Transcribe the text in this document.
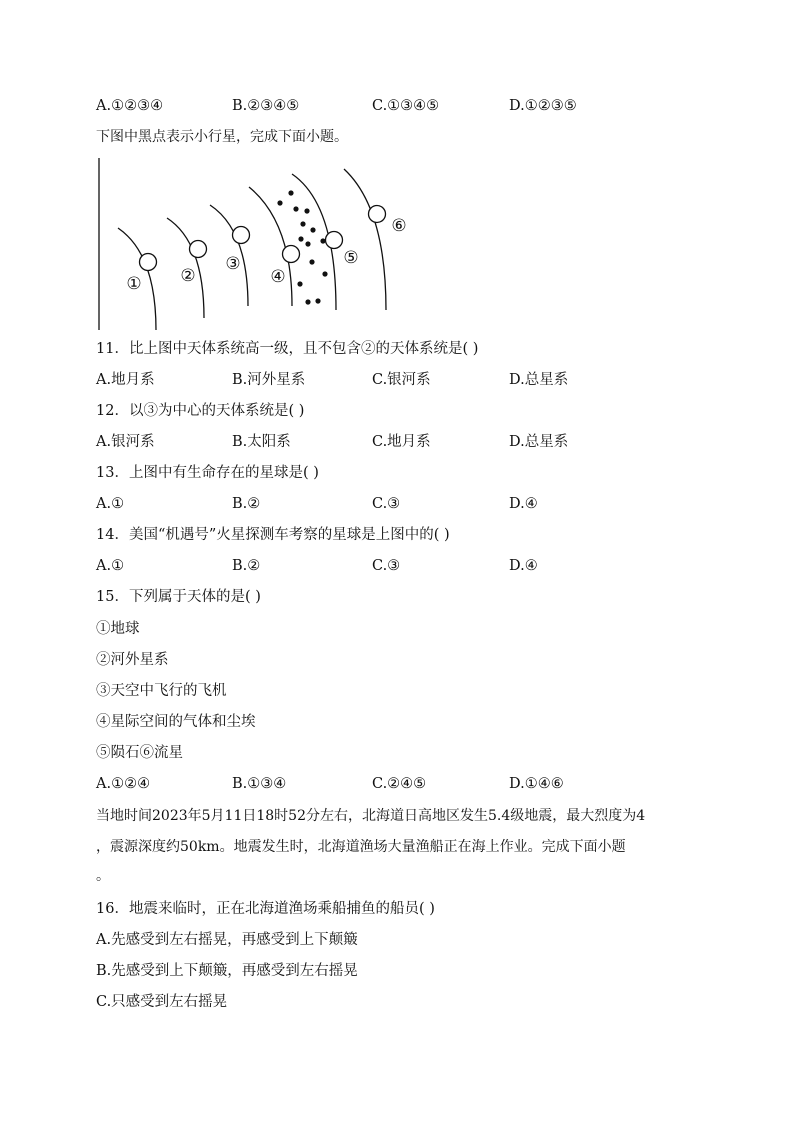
A.①②③④	B.②③④⑤	C.①③④⑤	D.①②③⑤
下图中黑点表示小行星，完成下面小题。
① ②
③
④
⑤
⑥
11．比上图中天体系统高一级，且不包含②的天体系统是( )
A.地月系	B.河外星系	C.银河系	D.总星系
12．以③为中心的天体系统是( )
A.银河系	B.太阳系	C.地月系	D.总星系
13．上图中有生命存在的星球是( )
A.①	B.②	C.③	D.④
14．美国“机遇号”火星探测车考察的星球是上图中的( )
A.①	B.②	C.③	D.④
15．下列属于天体的是( )
①地球
②河外星系
③天空中飞行的飞机
④星际空间的气体和尘埃
⑤陨石⑥流星
A.①②④	B.①③④	C.②④⑤	D.①④⑥
当地时间2023年5月11日18时52分左右，北海道日高地区发生5.4级地震，最大烈度为4
，震源深度约50km。地震发生时，北海道渔场大量渔船正在海上作业。完成下面小题
。
16．地震来临时，正在北海道渔场乘船捕鱼的船员( )
A.先感受到左右摇晃，再感受到上下颠簸
B.先感受到上下颠簸，再感受到左右摇晃
C.只感受到左右摇晃
